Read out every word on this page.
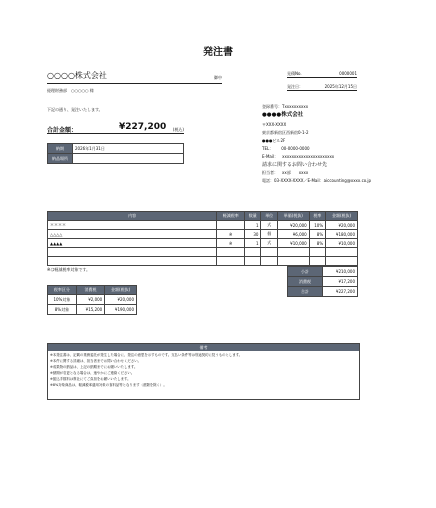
発注書
○○○○株式会社	御中
経理財務部　○○○○○ 様
見積No.	0000001
発注日：	2025年12月15日
下記の通り、発注いたします。
合計金額：	¥227,200 (税込)
納期	2026年1月31日
納品場所	
登録番号：Txxxxxxxxxx
●●●●株式会社
〒XXX-XXXX
東京都新宿区西新宿0-1-2
●●●ビル2F
TEL：　　00-0000-0000
E-Mail：　xxxxxxxxxxxxxxxxxxxxxx
請求に関するお問い合わせ先
担当者：　xx部　　xxxx
電話：03-XXXX-XXXX／E-Mail：aiccounting@xxxx.co.jp
内容	軽減税率	数量	単位	単価(税抜)	税率	金額(税抜)
＊＊＊＊		1	式	¥20,000	10%	¥20,000
△△△△	※	30	個	¥6,000	8%	¥180,000
▲▲▲▲	※	1	式	¥10,000	8%	¥10,000

※は軽減税率対象です。	小計	¥210,000
消費税	¥17,200
合計	¥227,200
税率区分	消費税	金額(税抜)
10%対象	¥2,000	¥20,000
8%対象	¥15,200	¥190,000
備考
※本発注書は、記載の業務委託が発生した場合に、発注の意思を示すものです。支払い条件等は別途契約に従うものとします。
※本件に関する詳細は、担当者までお問い合わせください。
※成果物の納品は、上記の納期までにお願いいたします。
※納期が変更となる場合は、速やかにご連絡ください。
※振込手数料は貴社にてご負担をお願いいたします。
※8%対象商品は、軽減税率適用対象の食料品等となります（酒類を除く）。
